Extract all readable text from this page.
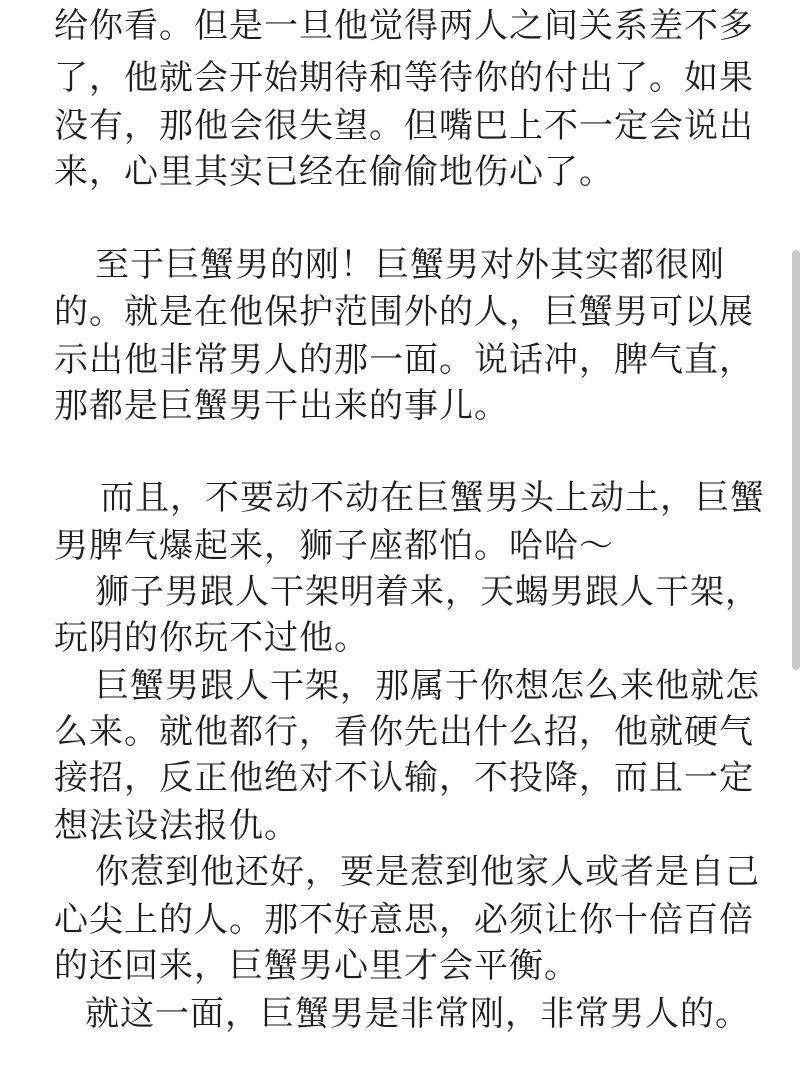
给你看。但是一旦他觉得两人之间关系差不多
了，他就会开始期待和等待你的付出了。如果
没有，那他会很失望。但嘴巴上不一定会说出
来，心里其实已经在偷偷地伤心了。
至于巨蟹男的刚！巨蟹男对外其实都很刚
的。就是在他保护范围外的人，巨蟹男可以展
示出他非常男人的那一面。说话冲，脾气直，
那都是巨蟹男干出来的事儿。
而且，不要动不动在巨蟹男头上动土，巨蟹
男脾气爆起来，狮子座都怕。哈哈～
狮子男跟人干架明着来，天蝎男跟人干架，
玩阴的你玩不过他。
巨蟹男跟人干架，那属于你想怎么来他就怎
么来。就他都行，看你先出什么招，他就硬气
接招，反正他绝对不认输，不投降，而且一定
想法设法报仇。
你惹到他还好，要是惹到他家人或者是自己
心尖上的人。那不好意思，必须让你十倍百倍
的还回来，巨蟹男心里才会平衡。
就这一面，巨蟹男是非常刚，非常男人的。
